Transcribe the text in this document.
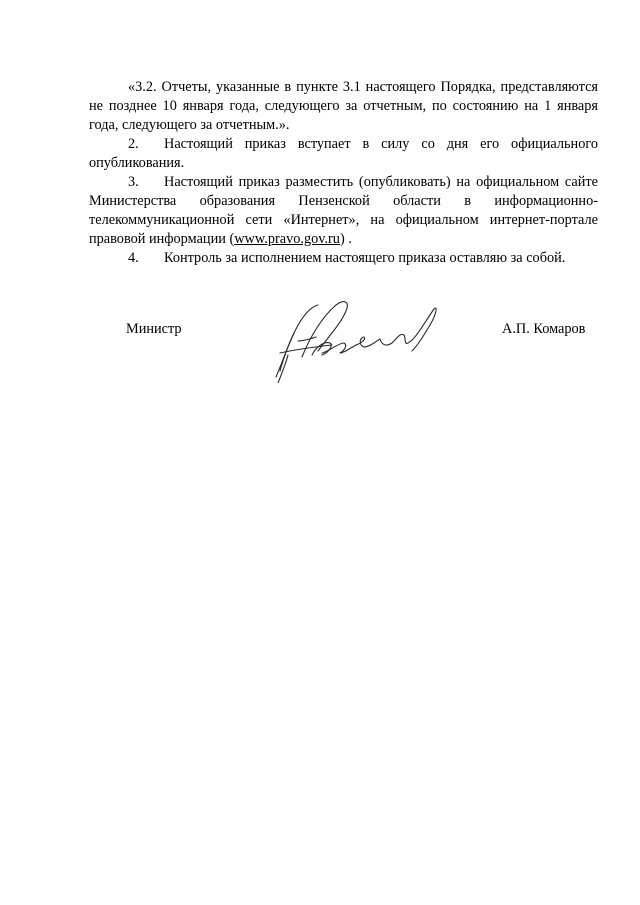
«3.2. Отчеты, указанные в пункте 3.1 настоящего Порядка, представляются не позднее 10 января года, следующего за отчетным, по состоянию на 1 января года, следующего за отчетным.».

2. Настоящий приказ вступает в силу со дня его официального опубликования.

3. Настоящий приказ разместить (опубликовать) на официальном сайте Министерства образования Пензенской области в информационно-телекоммуникационной сети «Интернет», на официальном интернет-портале правовой информации (www.pravo.gov.ru) .

4. Контроль за исполнением настоящего приказа оставляю за собой.

Министр	А.П. Комаров
